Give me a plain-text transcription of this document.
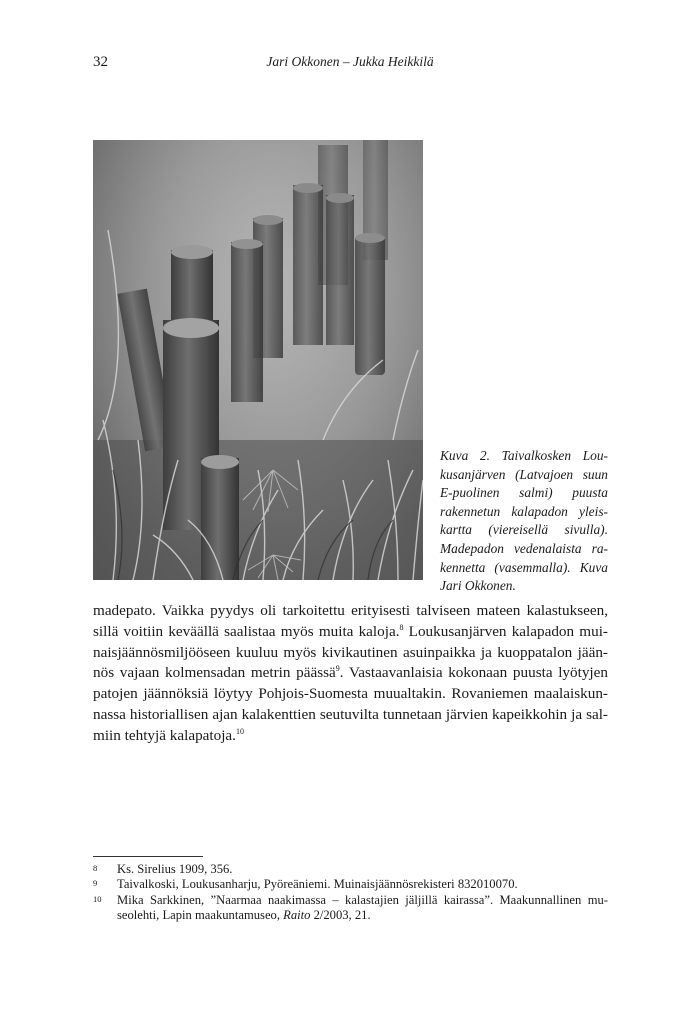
32	Jari Okkonen – Jukka Heikkilä
Kuva 2. Taivalkosken Lou-
kusanjärven (Latvajoen suun
E-puolinen salmi) puusta
rakennetun kalapadon yleis-
kartta (viereisellä sivulla).
Madepadon vedenalaista ra-
kennetta (vasemmalla). Kuva
Jari Okkonen.
madepato. Vaikka pyydys oli tarkoitettu erityisesti talviseen mateen kalastukseen,
sillä voitiin keväällä saalistaa myös muita kaloja.$^8$ Loukusanjärven kalapadon mui-
naisjäännösmiljööseen kuuluu myös kivikautinen asuinpaikka ja kuoppatalon jään-
nös vajaan kolmensadan metrin päässä$^9$. Vastaavanlaisia kokonaan puusta lyötyjen
patojen jäännöksiä löytyy Pohjois-Suomesta muualtakin. Rovaniemen maalaiskun-
nassa historiallisen ajan kalakenttien seutuvilta tunnetaan järvien kapeikkohin ja sal-
miin tehtyjä kalapatoja.$^{10}$
8 Ks. Sirelius 1909, 356.
9 Taivalkoski, Loukusanharju, Pyöreäniemi. Muinaisjäännösrekisteri 832010070.
10 Mika Sarkkinen, ”Naarmaa naakimassa – kalastajien jäljillä kairassa”. Maakunnallinen mu-
seolehti, Lapin maakuntamuseo, Raito 2/2003, 21.
